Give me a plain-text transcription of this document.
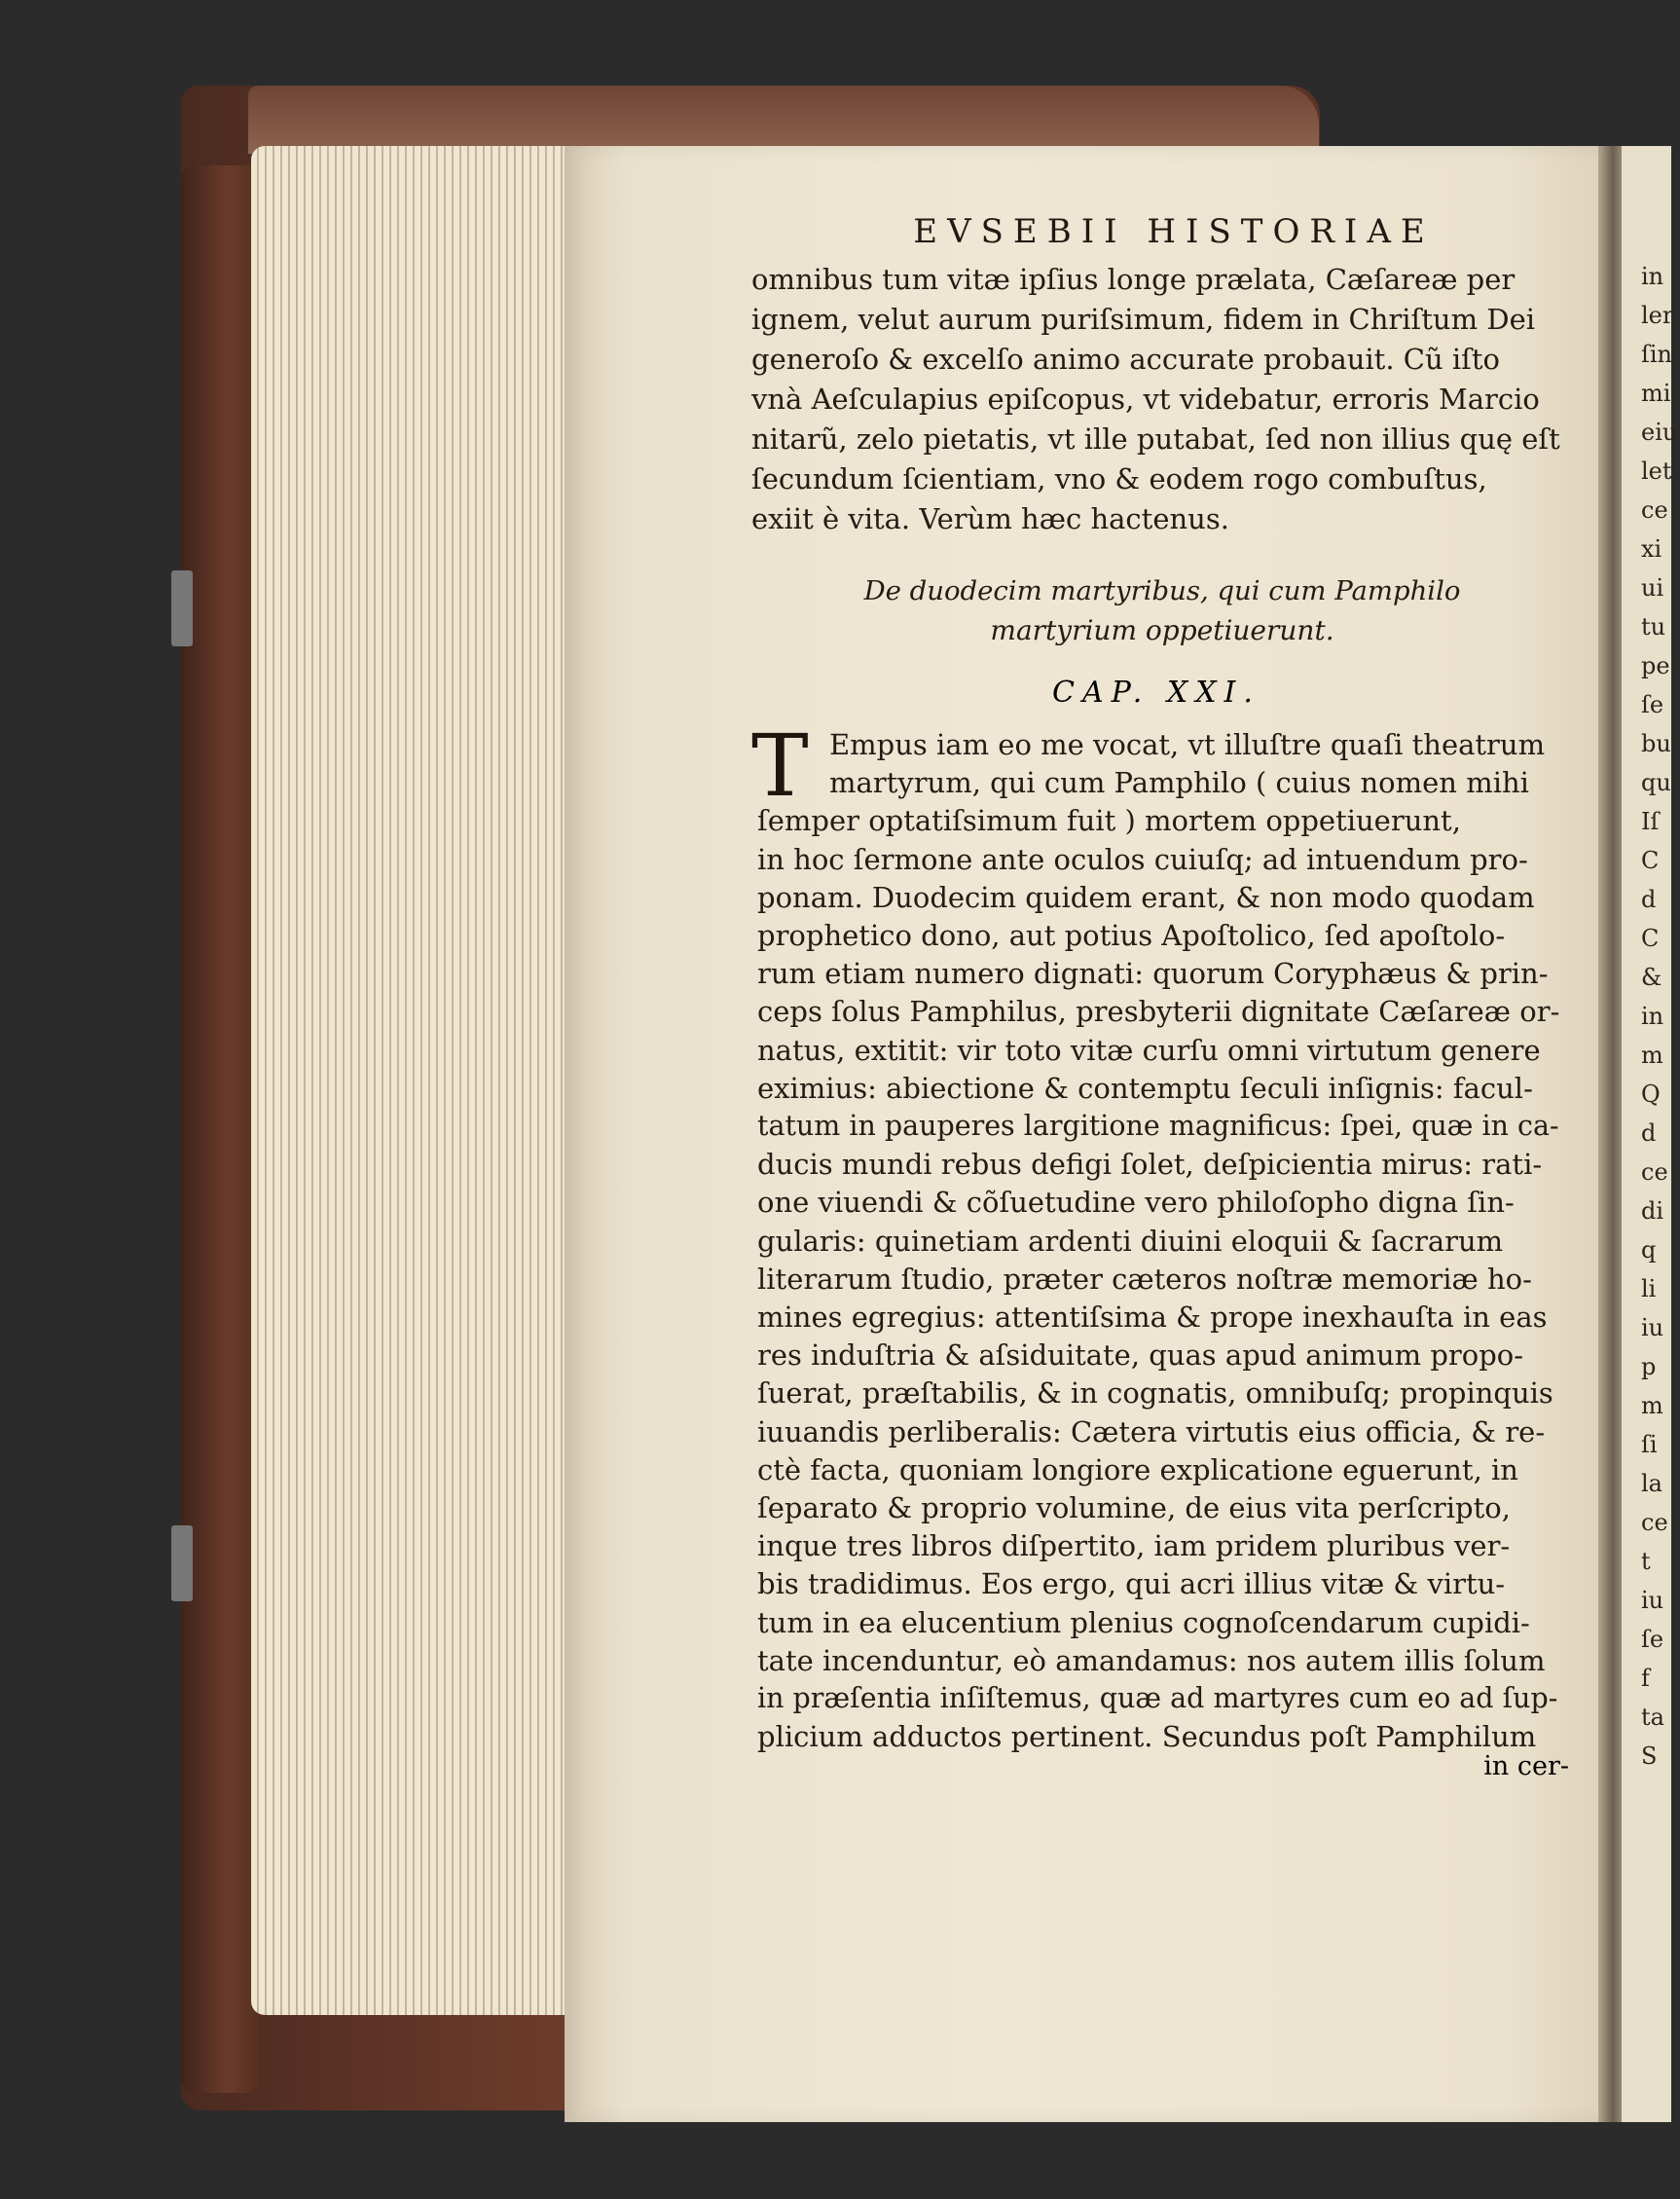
in
ler
ſin
mi
eiu
let
ce
xi
ui
tu
pe
ſe
bu
qu
Iſ
C
d
C
&
in
m
Q
d
ce
di
q
li
iu
p
m
ſi
la
ce
t
iu
ſe
f
ta
S
EVSEBII HISTORIAE
omnibus tum vitæ ipſius longe prælata, Cæſareæ per
ignem, velut aurum puriſsimum, fidem in Chriſtum Dei
generoſo & excelſo animo accurate probauit. Cũ iſto
vnà Aeſculapius epiſcopus, vt videbatur, erroris Marcio
nitarũ, zelo pietatis, vt ille putabat, ſed non illius quę eſt
ſecundum ſcientiam, vno & eodem rogo combuſtus,
exiit è vita. Verùm hæc hactenus.
De duodecim martyribus, qui cum Pamphilo
martyrium oppetiuerunt.
CAP. XXI.
T Empus iam eo me vocat, vt illuſtre quaſi theatrum
martyrum, qui cum Pamphilo ( cuius nomen mihi
ſemper optatiſsimum fuit ) mortem oppetiuerunt,
in hoc ſermone ante oculos cuiuſq; ad intuendum pro-
ponam. Duodecim quidem erant, & non modo quodam
prophetico dono, aut potius Apoſtolico, ſed apoſtolo-
rum etiam numero dignati: quorum Coryphæus & prin-
ceps ſolus Pamphilus, presbyterii dignitate Cæſareæ or-
natus, extitit: vir toto vitæ curſu omni virtutum genere
eximius: abiectione & contemptu ſeculi inſignis: facul-
tatum in pauperes largitione magnificus: ſpei, quæ in ca-
ducis mundi rebus defigi ſolet, deſpicientia mirus: rati-
one viuendi & cõſuetudine vero philoſopho digna ſin-
gularis: quinetiam ardenti diuini eloquii & ſacrarum
literarum ſtudio, præter cæteros noſtræ memoriæ ho-
mines egregius: attentiſsima & prope inexhauſta in eas
res induſtria & aſsiduitate, quas apud animum propo-
ſuerat, præſtabilis, & in cognatis, omnibuſq; propinquis
iuuandis perliberalis: Cætera virtutis eius officia, & re-
ctè facta, quoniam longiore explicatione eguerunt, in
ſeparato & proprio volumine, de eius vita perſcripto,
inque tres libros diſpertito, iam pridem pluribus ver-
bis tradidimus. Eos ergo, qui acri illius vitæ & virtu-
tum in ea elucentium plenius cognoſcendarum cupidi-
tate incenduntur, eò amandamus: nos autem illis ſolum
in præſentia inſiſtemus, quæ ad martyres cum eo ad ſup-
plicium adductos pertinent. Secundus poſt Pamphilum
in cer-
